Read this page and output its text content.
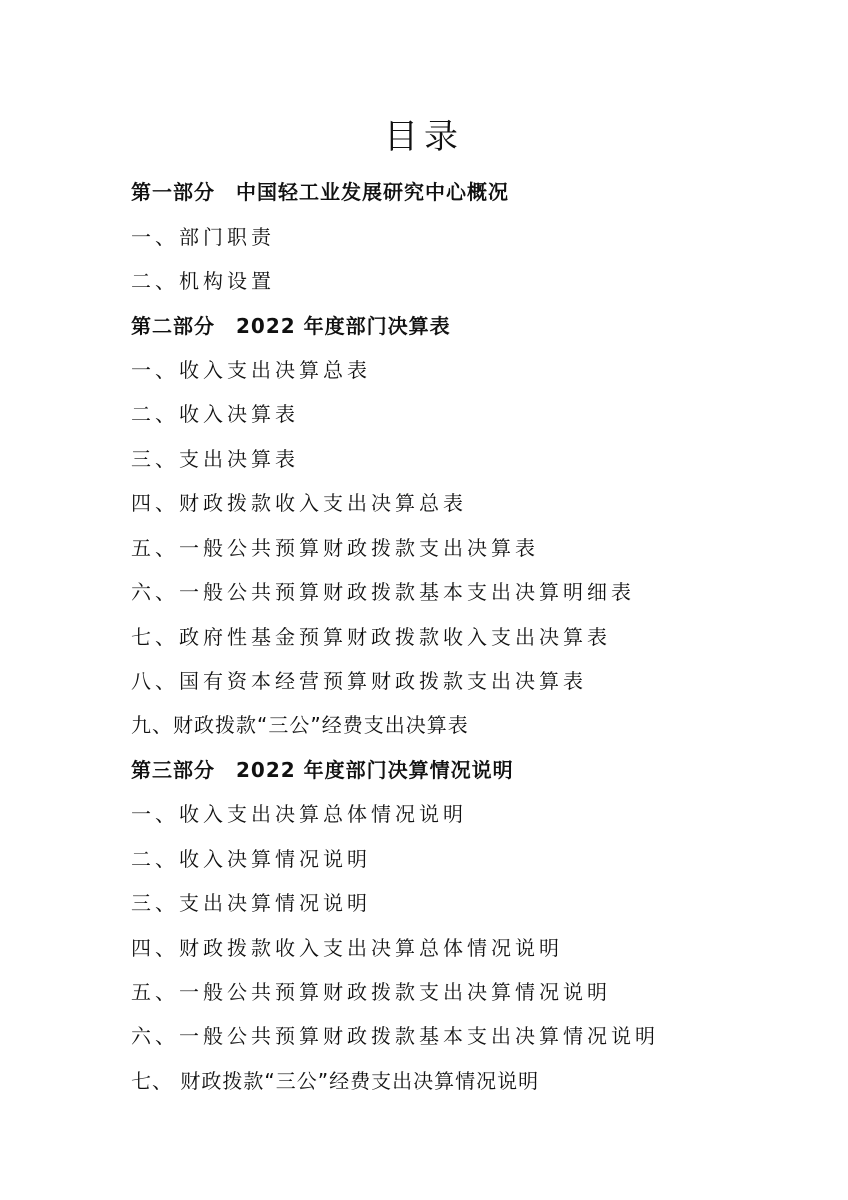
目录
第一部分　中国轻工业发展研究中心概况
一、部门职责
二、机构设置
第二部分　2022 年度部门决算表
一、收入支出决算总表
二、收入决算表
三、支出决算表
四、财政拨款收入支出决算总表
五、一般公共预算财政拨款支出决算表
六、一般公共预算财政拨款基本支出决算明细表
七、政府性基金预算财政拨款收入支出决算表
八、国有资本经营预算财政拨款支出决算表
九、财政拨款“三公”经费支出决算表
第三部分　2022 年度部门决算情况说明
一、收入支出决算总体情况说明
二、收入决算情况说明
三、支出决算情况说明
四、财政拨款收入支出决算总体情况说明
五、一般公共预算财政拨款支出决算情况说明
六、一般公共预算财政拨款基本支出决算情况说明
七、 财政拨款“三公”经费支出决算情况说明
